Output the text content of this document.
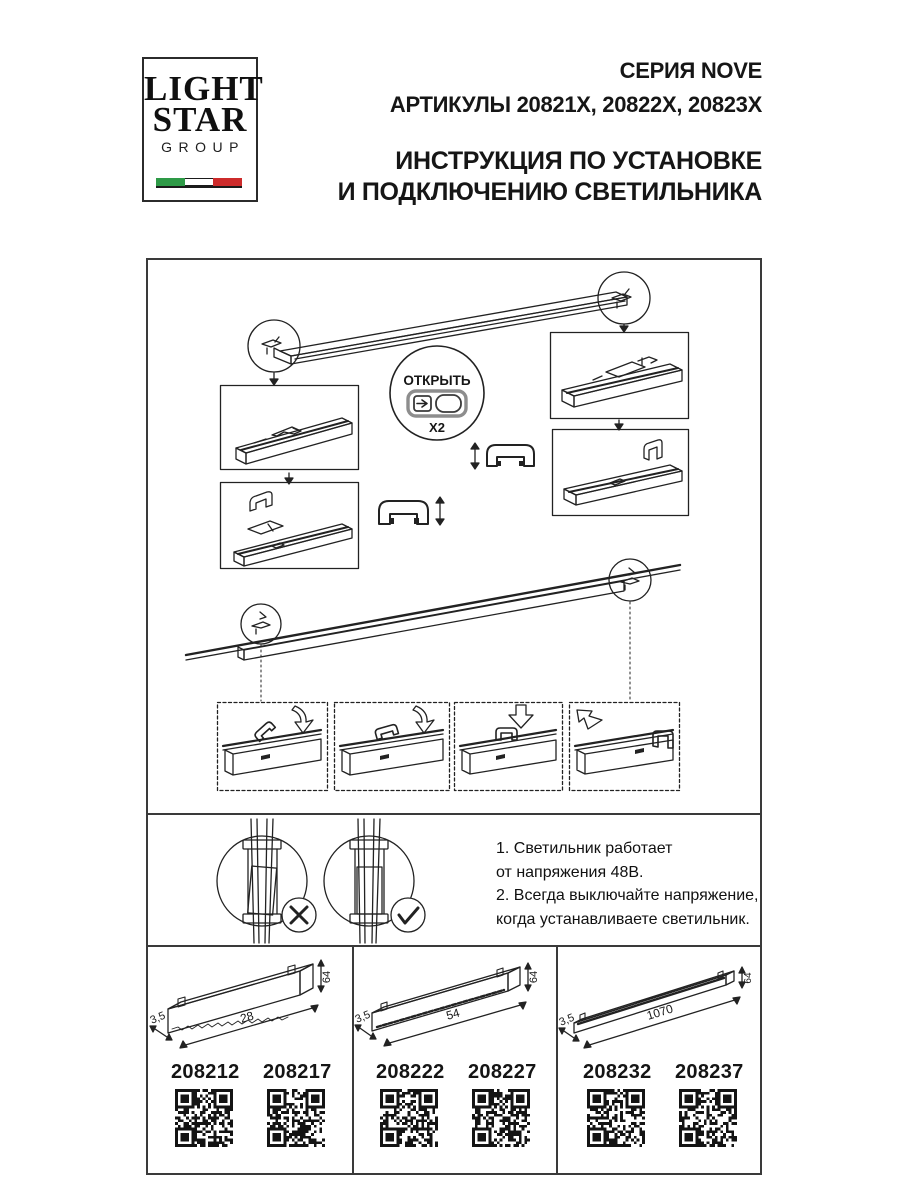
LIGHT
STAR
GROUP
СЕРИЯ NOVE
АРТИКУЛЫ 20821Х, 20822Х, 20823Х
ИНСТРУКЦИЯ ПО УСТАНОВКЕ
И ПОДКЛЮЧЕНИЮ СВЕТИЛЬНИКА
ОТКРЫТЬ
X2
1. Светильник работает
от напряжения 48В.
2. Всегда выключайте напряжение,
когда устанавливаете светильник.
64
28
3,5
208212 208217
64
54
3,5
208222 208227
64
1070
3,5
208232 208237
